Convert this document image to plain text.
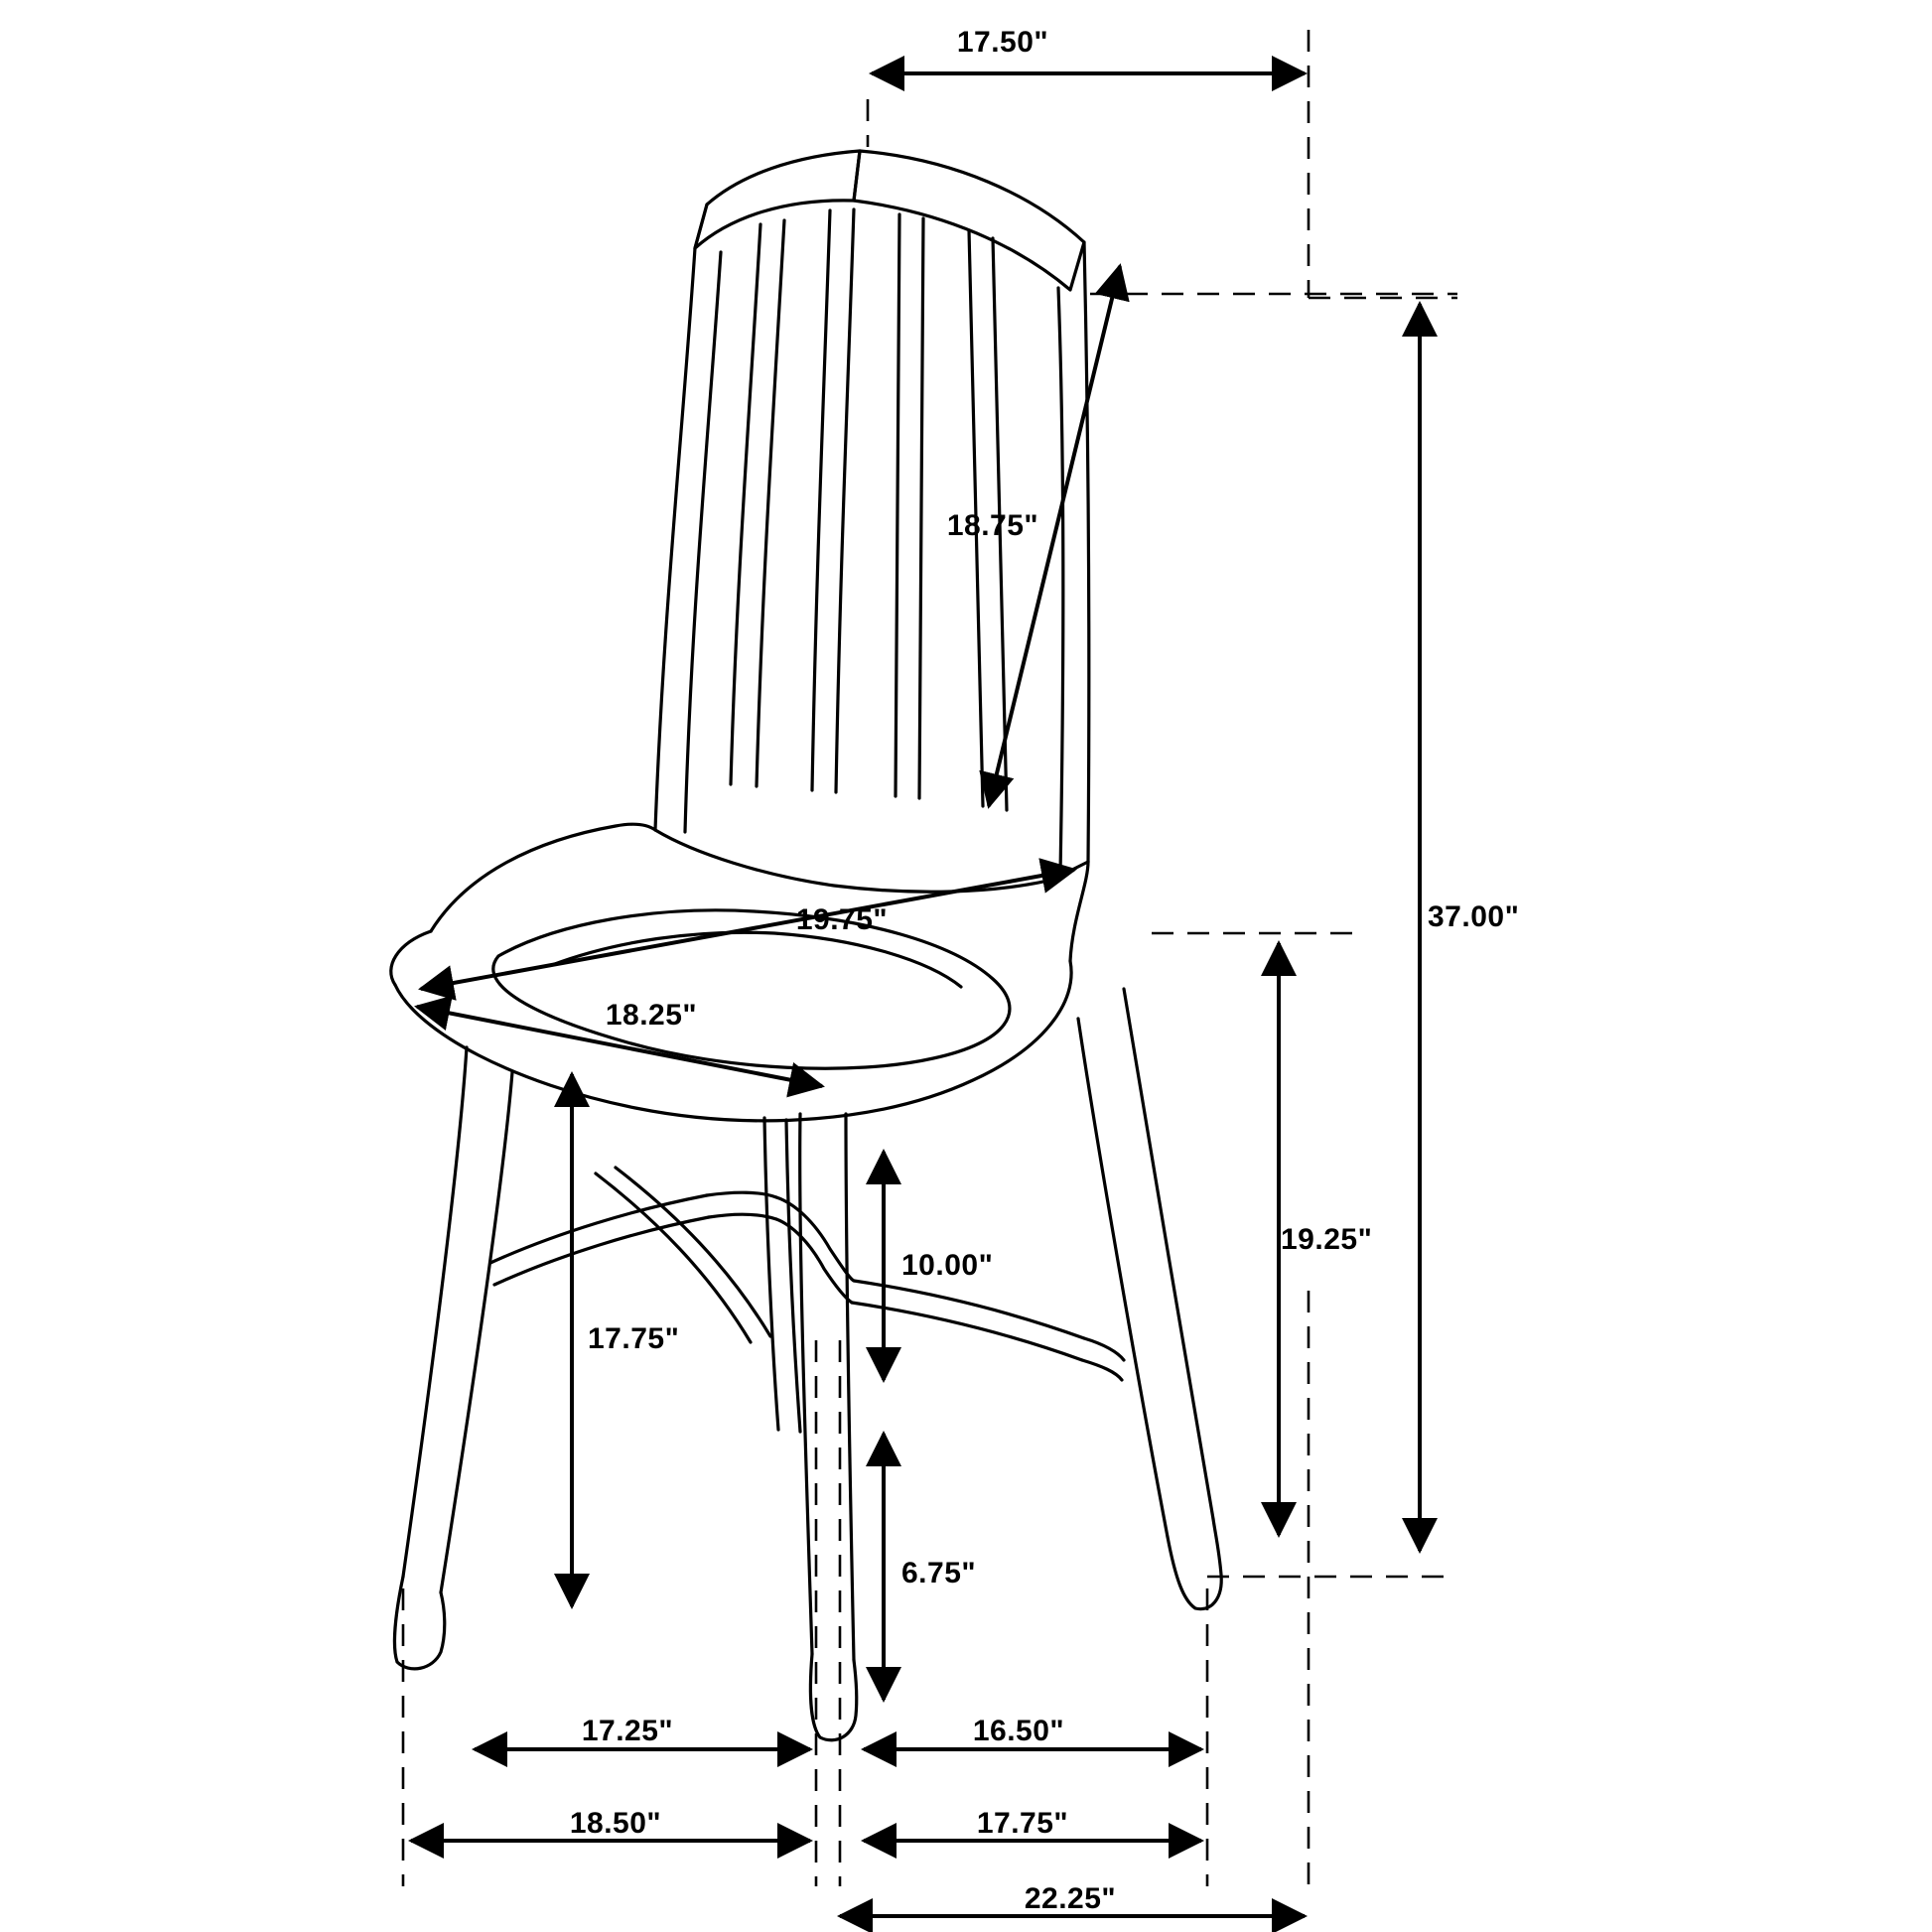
17.50"
18.75"
37.00"
19.75"
18.25"
19.25"
10.00"
17.75"
6.75"
17.25"	16.50"
18.50"	17.75"
22.25"
